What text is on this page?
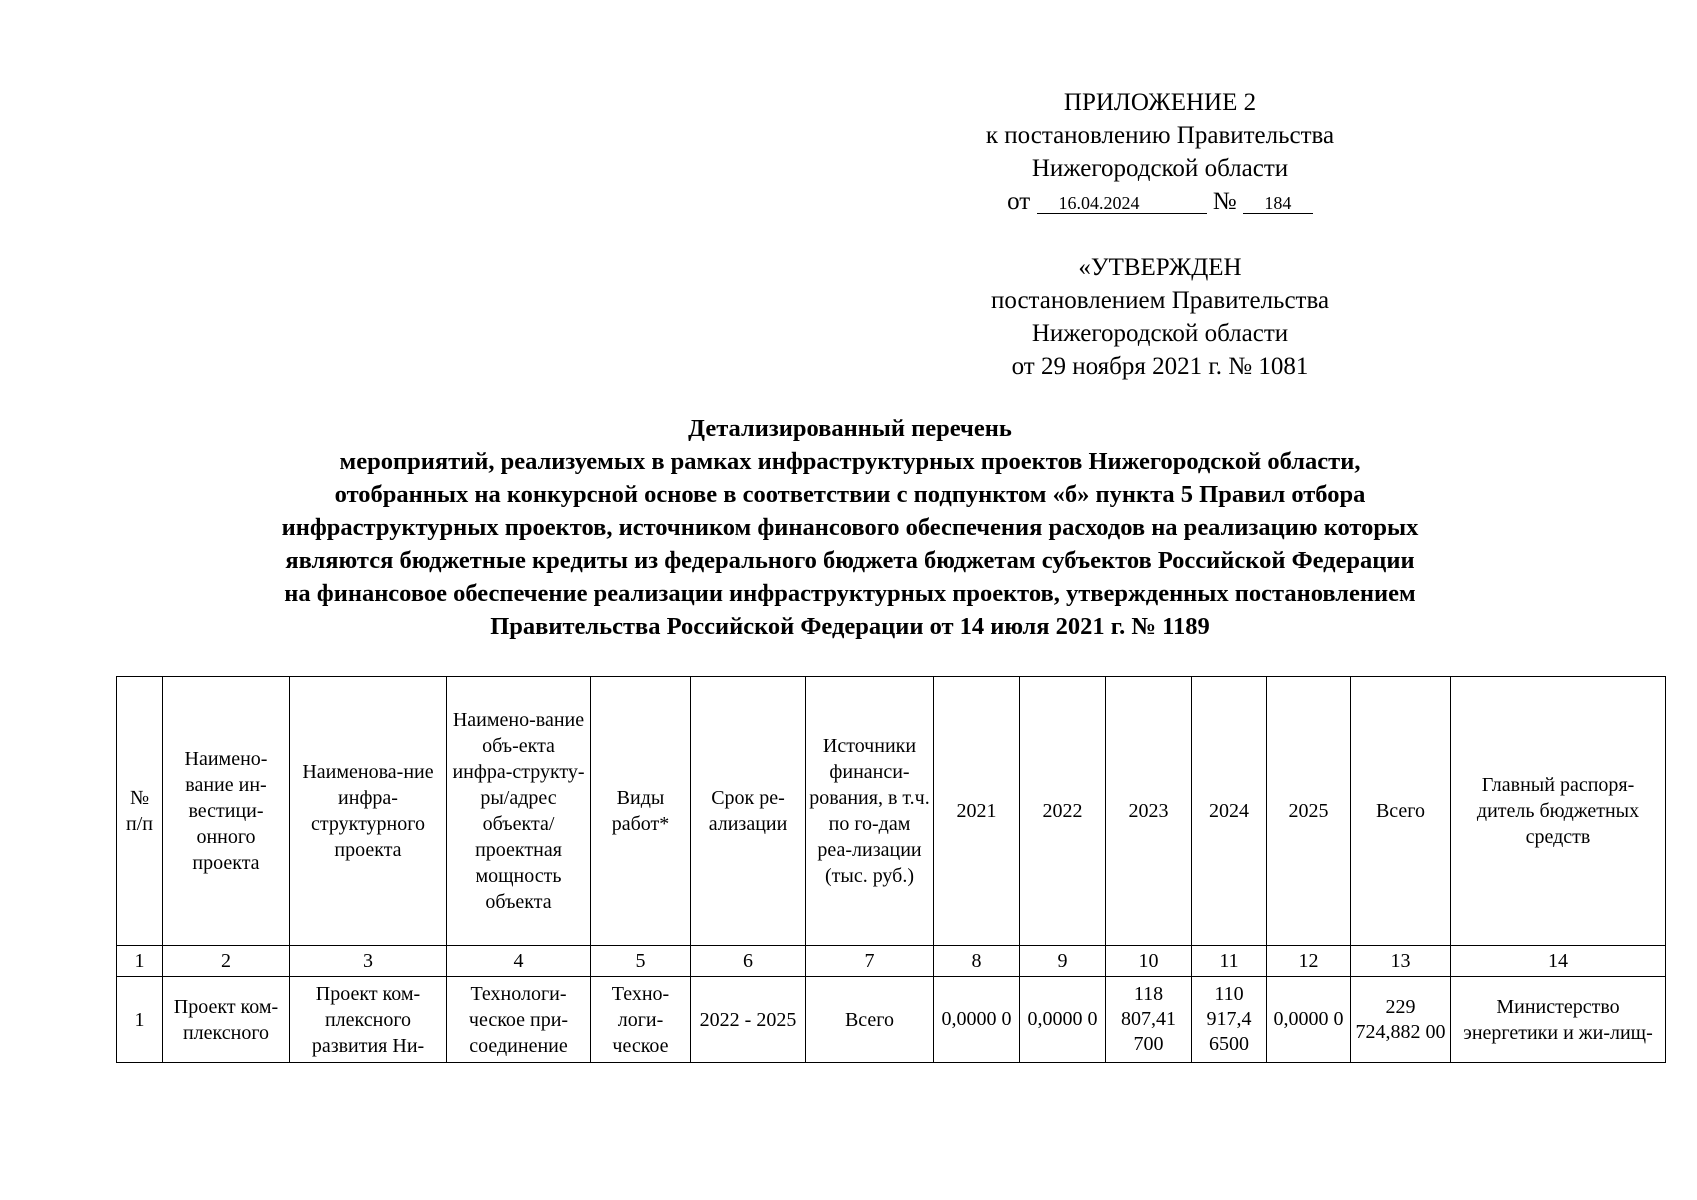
ПРИЛОЖЕНИЕ 2
к постановлению Правительства
Нижегородской области
от 16.04.2024	№ 184
«УТВЕРЖДЕН
постановлением Правительства
Нижегородской области
от 29 ноября 2021 г. № 1081
Детализированный перечень
мероприятий, реализуемых в рамках инфраструктурных проектов Нижегородской области,
отобранных на конкурсной основе в соответствии с подпунктом «б» пункта 5 Правил отбора
инфраструктурных проектов, источником финансового обеспечения расходов на реализацию которых
являются бюджетные кредиты из федерального бюджета бюджетам субъектов Российской Федерации
на финансовое обеспечение реализации инфраструктурных проектов, утвержденных постановлением
Правительства Российской Федерации от 14 июля 2021 г. № 1189
№ п/п	Наимено-вание ин-вестици-онного проекта	Наименова-ние инфра-структурного проекта	Наимено-вание объ-екта инфра-структу-ры/адрес объекта/ проектная мощность объекта	Виды работ*	Срок ре-ализации	Источники финанси-рования, в т.ч. по го-дам реа-лизации (тыс. руб.)	2021	2022	2023	2024	2025	Всего	Главный распоря-дитель бюджетных средств
1	2	3	4	5	6	7	8	9	10	11	12	13	14
1	Проект ком-плексного	Проект ком-плексного развития Ни-	Технологи-ческое при-соединение	Техно-логи-ческое	2022 - 2025	Всего	0,0000 0	0,0000 0	118 807,41 700	110 917,4 6500	0,0000 0	229 724,882 00	Министерство энергетики и жи-лищ-
